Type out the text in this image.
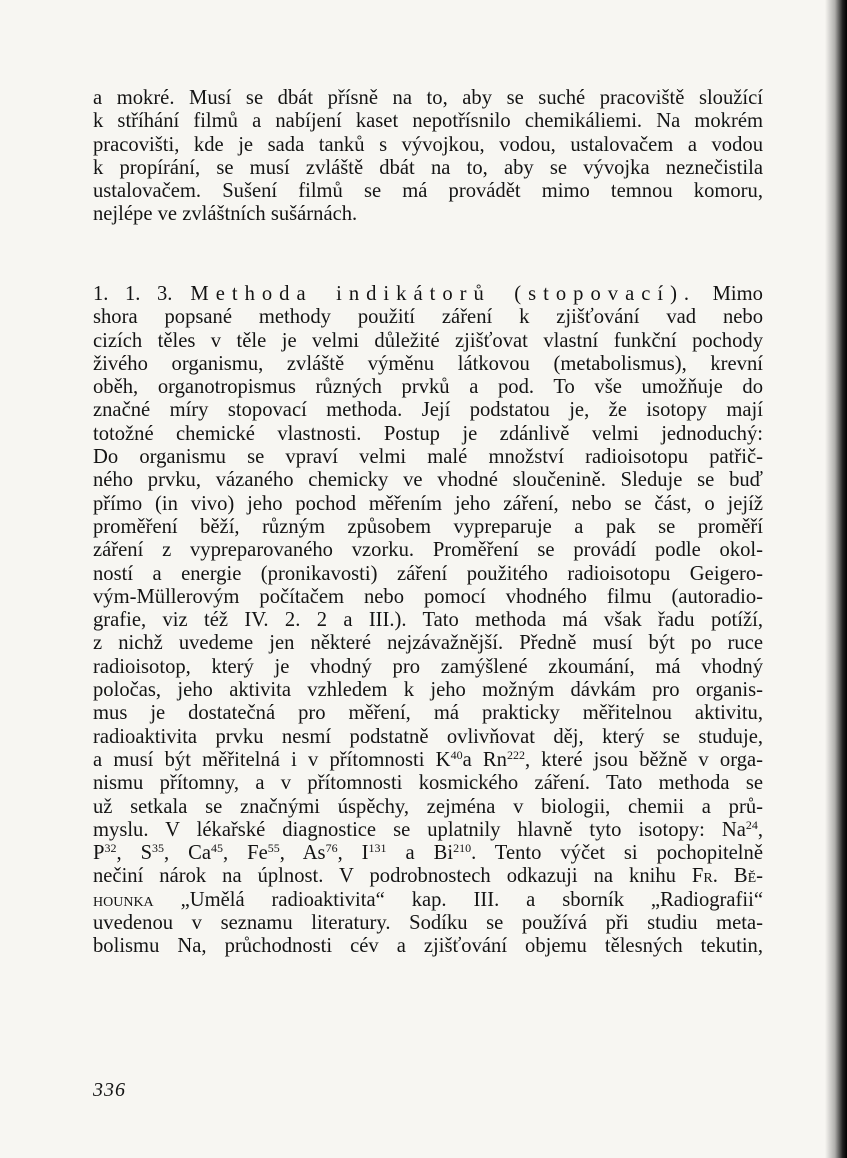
a mokré. Musí se dbát přísně na to, aby se suché pracoviště sloužící
k stříhání filmů a nabíjení kaset nepotřísnilo chemikáliemi. Na mokrém
pracovišti, kde je sada tanků s vývojkou, vodou, ustalovačem a vodou
k propírání, se musí zvláště dbát na to, aby se vývojka neznečistila
ustalovačem. Sušení filmů se má provádět mimo temnou komoru,
nejlépe ve zvláštních sušárnách.
1. 1. 3. Methoda indikátorů (stopovací). Mimo
shora popsané methody použití záření k zjišťování vad nebo
cizích těles v těle je velmi důležité zjišťovat vlastní funkční pochody
živého organismu, zvláště výměnu látkovou (metabolismus), krevní
oběh, organotropismus různých prvků a pod. To vše umožňuje do
značné míry stopovací methoda. Její podstatou je, že isotopy mají
totožné chemické vlastnosti. Postup je zdánlivě velmi jednoduchý:
Do organismu se vpraví velmi malé množství radioisotopu patřič-
ného prvku, vázaného chemicky ve vhodné sloučenině. Sleduje se buď
přímo (in vivo) jeho pochod měřením jeho záření, nebo se část, o jejíž
proměření běží, různým způsobem vypreparuje a pak se proměří
záření z vypreparovaného vzorku. Proměření se provádí podle okol-
ností a energie (pronikavosti) záření použitého radioisotopu Geigero-
vým-Müllerovým počítačem nebo pomocí vhodného filmu (autoradio-
grafie, viz též IV. 2. 2 a III.). Tato methoda má však řadu potíží,
z nichž uvedeme jen některé nejzávažnější. Předně musí být po ruce
radioisotop, který je vhodný pro zamýšlené zkoumání, má vhodný
poločas, jeho aktivita vzhledem k jeho možným dávkám pro organis-
mus je dostatečná pro měření, má prakticky měřitelnou aktivitu,
radioaktivita prvku nesmí podstatně ovlivňovat děj, který se studuje,
a musí být měřitelná i v přítomnosti $K^{40}a$ Rn$^{222}$, které jsou běžně v orga-
nismu přítomny, a v přítomnosti kosmického záření. Tato methoda se
už setkala se značnými úspěchy, zejména v biologii, chemii a prů-
myslu. V lékařské diagnostice se uplatnily hlavně tyto isotopy: Na$^{24}$,
$P^{32}$, $S^{35}$, Ca$^{45}$, Fe$^{55}$, As$^{76}$, $I^{131}$ a Bi$^{210}$. Tento výčet si pochopitelně
nečiní nárok na úplnost. V podrobnostech odkazuji na knihu Fr. Bě-
hounka „Umělá radioaktivita“ kap. III. a sborník „Radiografii“
uvedenou v seznamu literatury. Sodíku se používá při studiu meta-
bolismu Na, průchodnosti cév a zjišťování objemu tělesných tekutin,
336
